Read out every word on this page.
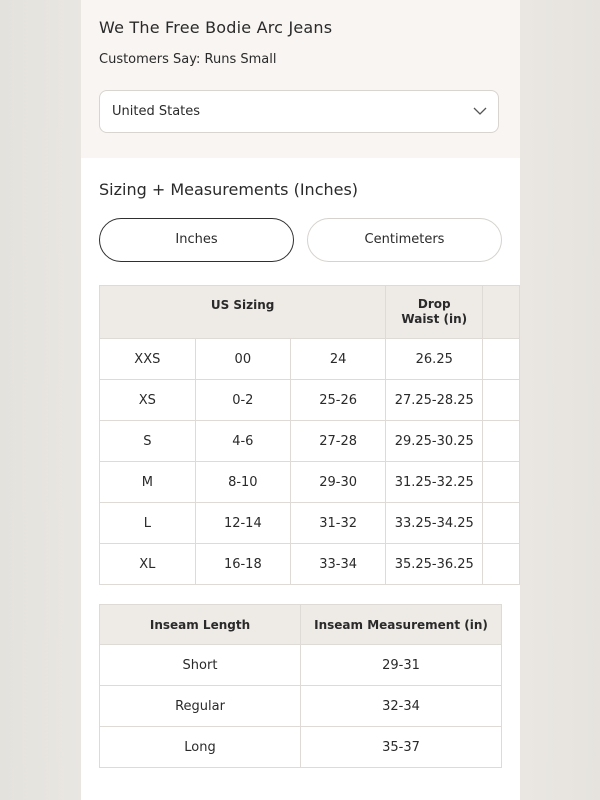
We The Free Bodie Arc Jeans
Customers Say: Runs Small
United States
Sizing + Measurements (Inches)
Inches	Centimeters
US Sizing			Drop
Waist (in)	
XXS	00	24	26.25	
XS	0-2	25-26	27.25-28.25	
S	4-6	27-28	29.25-30.25	
M	8-10	29-30	31.25-32.25	
L	12-14	31-32	33.25-34.25	
XL	16-18	33-34	35.25-36.25	
Inseam Length	Inseam Measurement (in)
Short	29-31
Regular	32-34
Long	35-37
